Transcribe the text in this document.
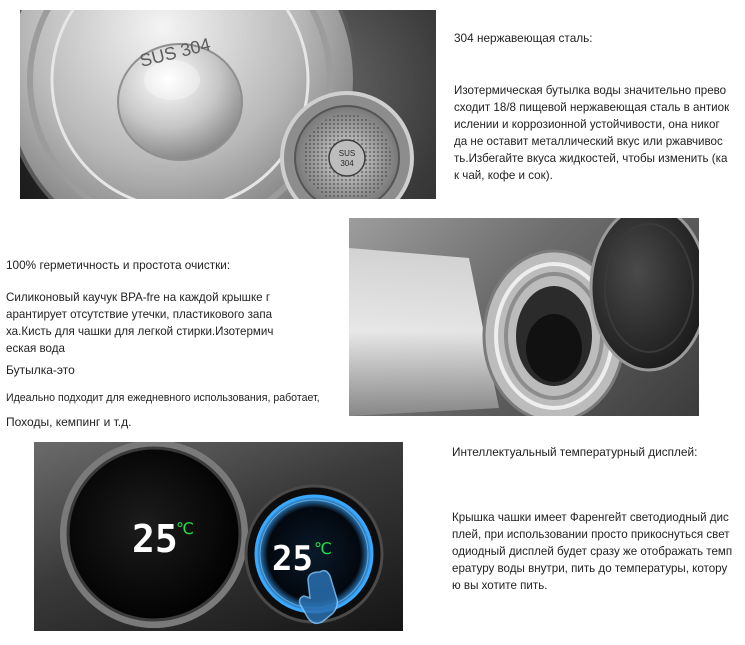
SUS 304
SUS
304
304 нержавеющая сталь:

Изотермическая бутылка воды значительно прево

сходит 18/8 пищевой нержавеющая сталь в антиок

ислении и коррозионной устойчивости, она никог

да не оставит металлический вкус или ржавчивос

ть.Избегайте вкуса жидкостей, чтобы изменить (ка

к чай, кофе и сок).

100% герметичность и простота очистки:

Силиконовый каучук BPA-fre на каждой крышке г

арантирует отсутствие утечки, пластикового запа

ха.Кисть для чашки для легкой стирки.Изотермич

еская вода

Бутылка-это
Идеально подходит для ежедневного использования, работает,
Походы, кемпинг и т.д.
25
℃
25 ℃
Интеллектуальный температурный дисплей:

Крышка чашки имеет Фаренгейт светодиодный дис

плей, при использовании просто прикоснуться свет

одиодный дисплей будет сразу же отображать темп

ературу воды внутри, пить до температуры, котору

ю вы хотите пить.
